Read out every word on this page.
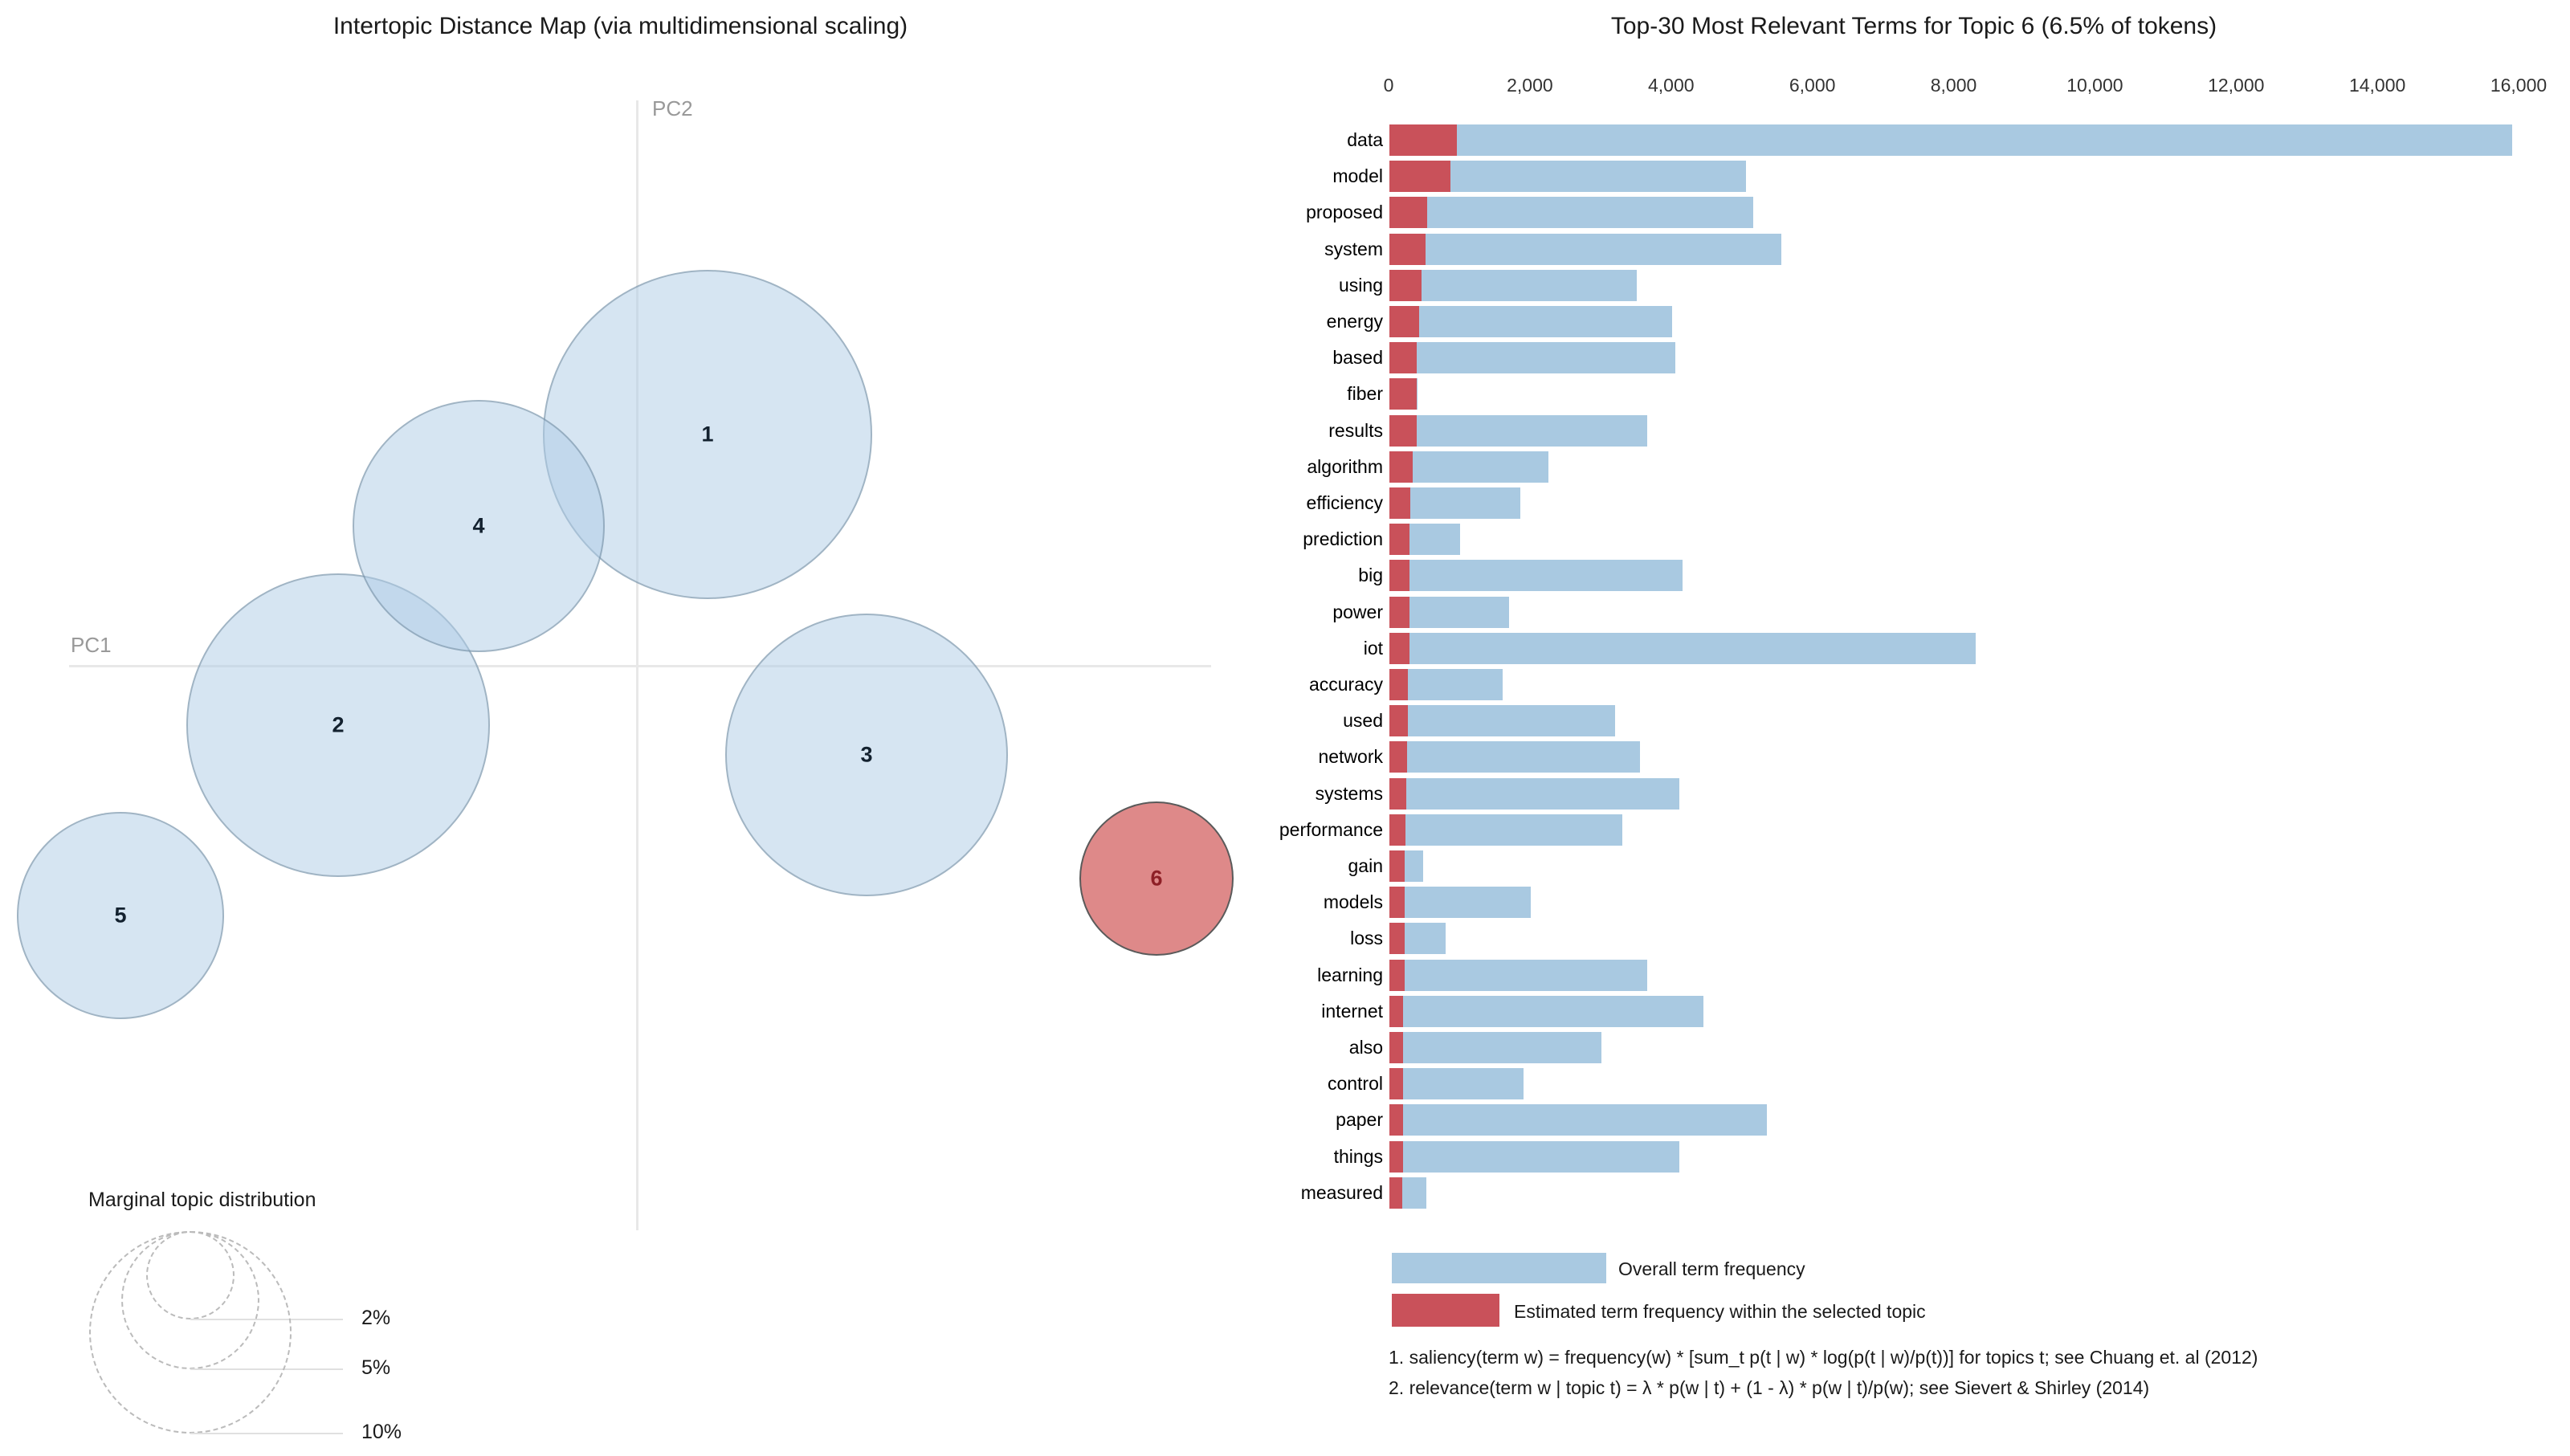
Intertopic Distance Map (via multidimensional scaling)
PC1
PC2
1
2
3
4
5
6
Marginal topic distribution
2%
5%
10%
Top-30 Most Relevant Terms for Topic 6 (6.5% of tokens)
0	2,000	4,000	6,000	8,000	10,000	12,000	14,000	16,000
data
model
proposed
system
using
energy
based
fiber
results
algorithm
efficiency
prediction
big
power
iot
accuracy
used
network
systems
performance
gain
models
loss
learning
internet
also
control
paper
things
measured
Overall term frequency
Estimated term frequency within the selected topic
1. saliency(term w) = frequency(w) * [sum_t p(t | w) * log(p(t | w)/p(t))] for topics t; see Chuang et. al (2012)
2. relevance(term w | topic t) = λ * p(w | t) + (1 - λ) * p(w | t)/p(w); see Sievert & Shirley (2014)
